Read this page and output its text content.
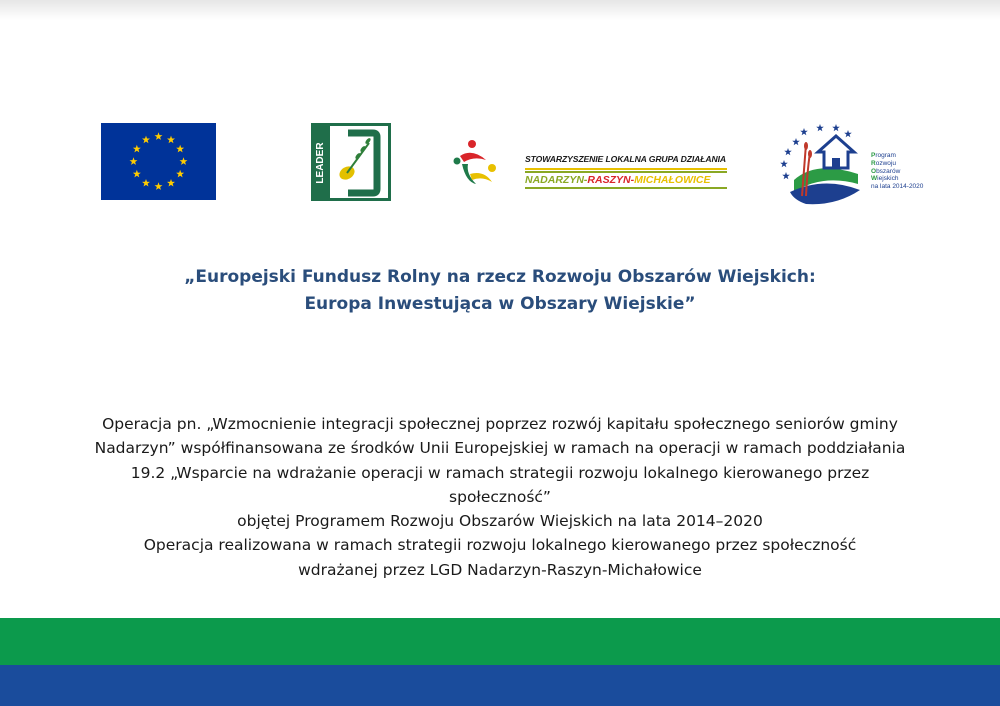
LEADER	STOWARZYSZENIE LOKALNA GRUPA DZIAŁANIA
NADARZYN-RASZYN-MICHAŁOWICE
Program
Rozwoju
Obszarów
Wiejskich
na lata 2014-2020
„Europejski Fundusz Rolny na rzecz Rozwoju Obszarów Wiejskich:
Europa Inwestująca w Obszary Wiejskie”
Operacja pn. „Wzmocnienie integracji społecznej poprzez rozwój kapitału społecznego seniorów gminy
Nadarzyn” współfinansowana ze środków Unii Europejskiej w ramach na operacji w ramach poddziałania
19.2 „Wsparcie na wdrażanie operacji w ramach strategii rozwoju lokalnego kierowanego przez
społeczność”
objętej Programem Rozwoju Obszarów Wiejskich na lata 2014–2020
Operacja realizowana w ramach strategii rozwoju lokalnego kierowanego przez społeczność
wdrażanej przez LGD Nadarzyn-Raszyn-Michałowice
